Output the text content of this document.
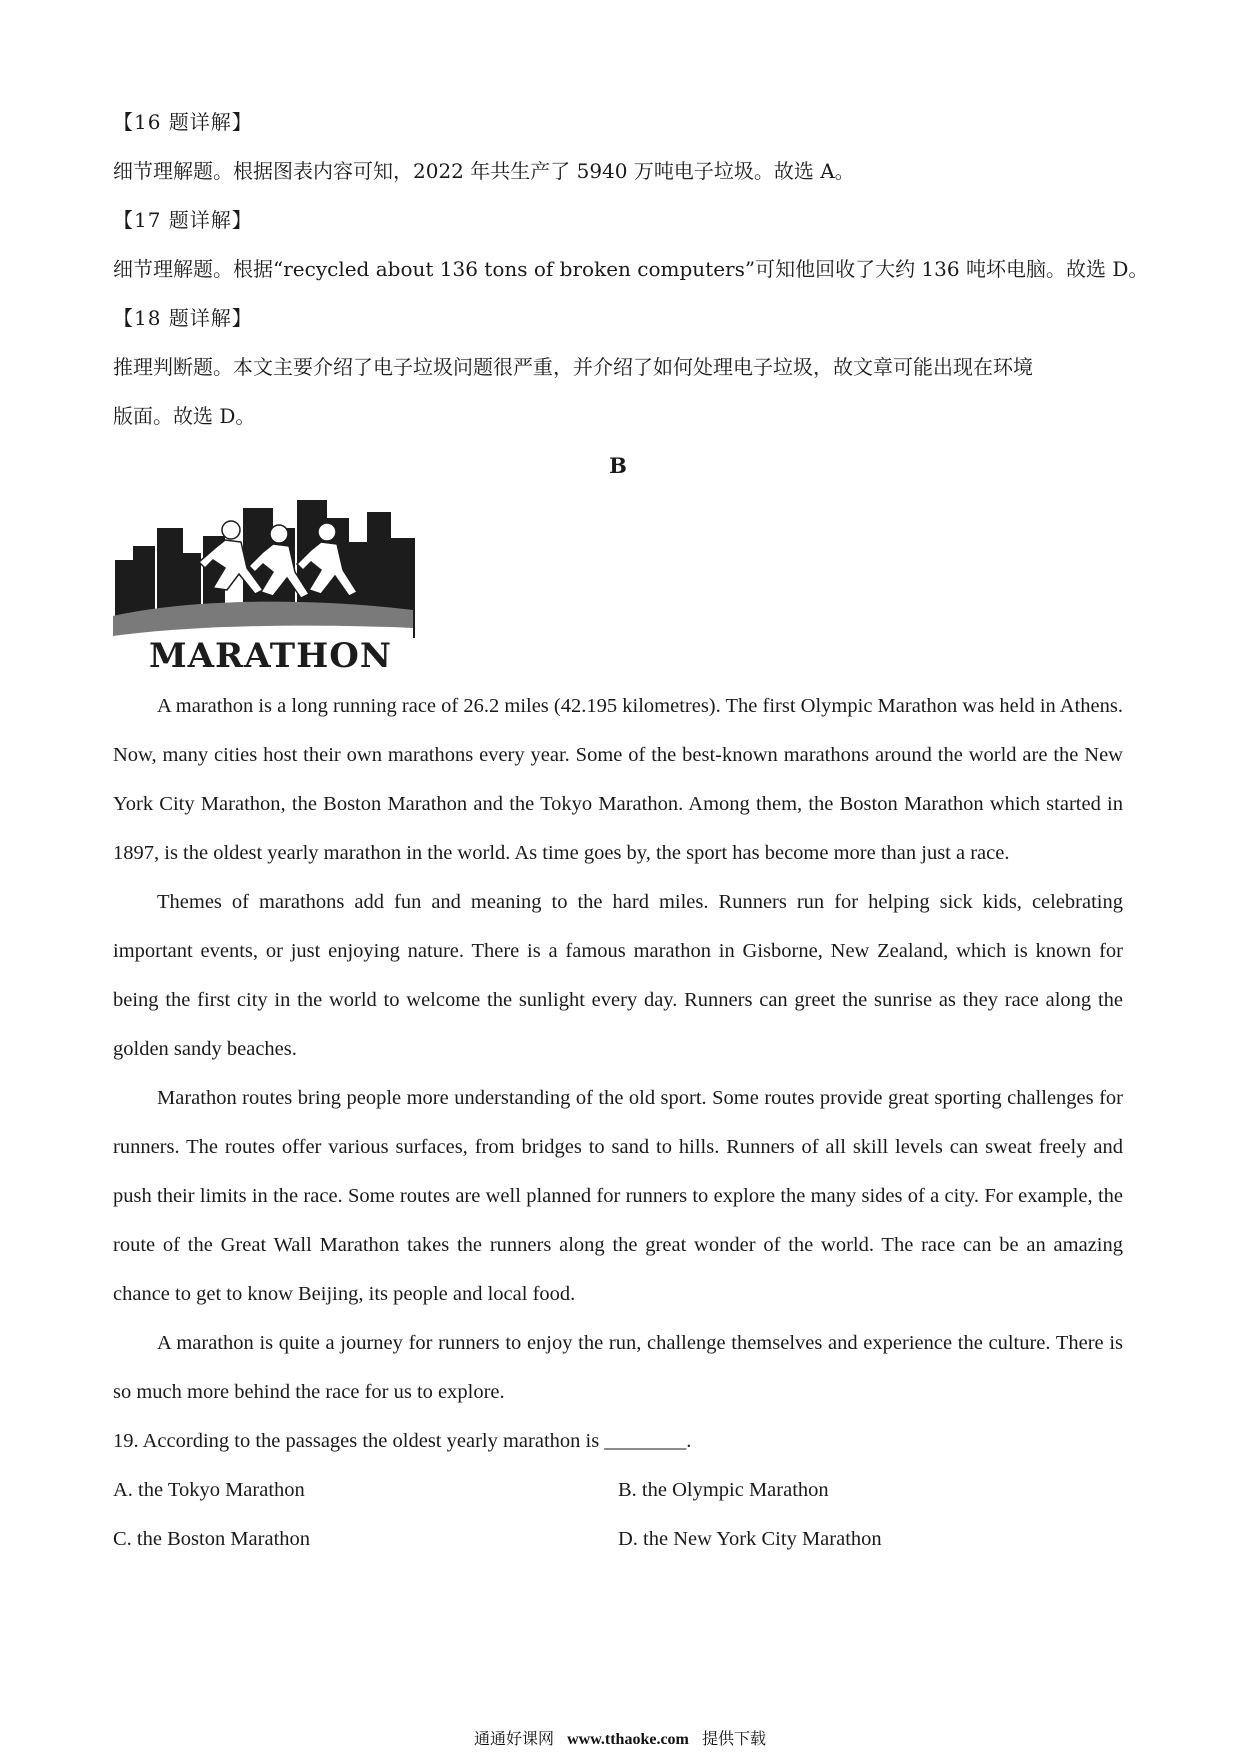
【16 题详解】
细节理解题。根据图表内容可知，2022 年共生产了 5940 万吨电子垃圾。故选 A。
【17 题详解】
细节理解题。根据“recycled about 136 tons of broken computers”可知他回收了大约 136 吨坏电脑。故选 D。
【18 题详解】
推理判断题。本文主要介绍了电子垃圾问题很严重，并介绍了如何处理电子垃圾，故文章可能出现在环境
版面。故选 D。
B
MARATHON

A marathon is a long running race of 26.2 miles (42.195 kilometres). The first Olympic Marathon was held in Athens. Now, many cities host their own marathons every year. Some of the best-known marathons around the world are the New York City Marathon, the Boston Marathon and the Tokyo Marathon. Among them, the Boston Marathon which started in 1897, is the oldest yearly marathon in the world. As time goes by, the sport has become more than just a race.

Themes of marathons add fun and meaning to the hard miles. Runners run for helping sick kids, celebrating important events, or just enjoying nature. There is a famous marathon in Gisborne, New Zealand, which is known for being the first city in the world to welcome the sunlight every day. Runners can greet the sunrise as they race along the golden sandy beaches.

Marathon routes bring people more understanding of the old sport. Some routes provide great sporting challenges for runners. The routes offer various surfaces, from bridges to sand to hills. Runners of all skill levels can sweat freely and push their limits in the race. Some routes are well planned for runners to explore the many sides of a city. For example, the route of the Great Wall Marathon takes the runners along the great wonder of the world. The race can be an amazing chance to get to know Beijing, its people and local food.

A marathon is quite a journey for runners to enjoy the run, challenge themselves and experience the culture. There is so much more behind the race for us to explore.

19. According to the passages the oldest yearly marathon is ________.
A. the Tokyo Marathon	B. the Olympic Marathon
C. the Boston Marathon	D. the New York City Marathon
通通好课网 www.tthaoke.com 提供下载
